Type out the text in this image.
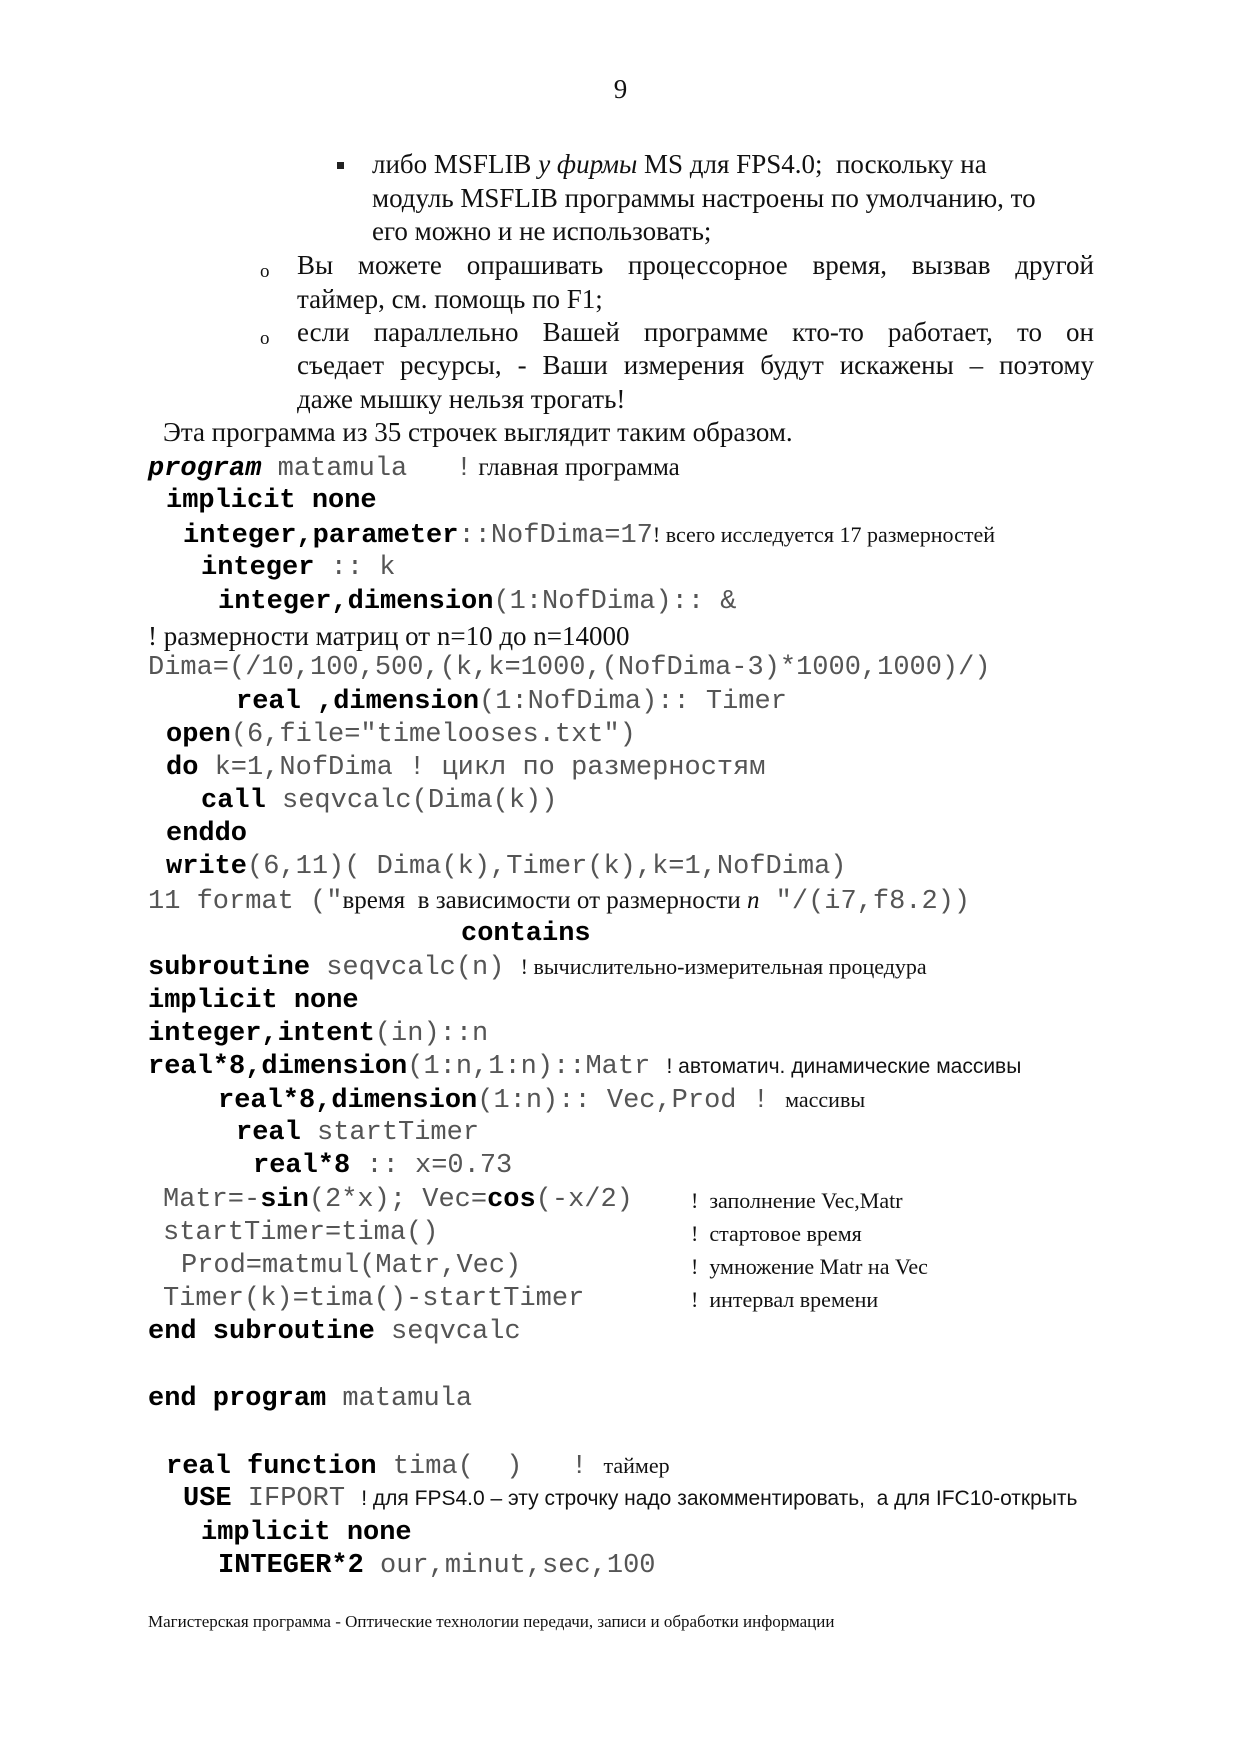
9
либо MSFLIB у фирмы MS для FPS4.0;  поскольку на
модуль MSFLIB программы настроены по умолчанию, то
его можно и не использовать;
o Вы можете опрашивать процессорное время, вызвав другой
таймер, см. помощь по F1;
o если параллельно Вашей программе кто-то работает, то он
съедает ресурсы, - Ваши измерения будут искажены – поэтому
даже мышку нельзя трогать!
Эта программа из 35 строчек выглядит таким образом.
program matamula   ! главная программа
implicit none
integer,parameter::NofDima=17! всего исследуется 17 размерностей
integer :: k
integer,dimension(1:NofDima):: &
! размерности матриц от n=10 до n=14000
Dima=(/10,100,500,(k,k=1000,(NofDima-3)*1000,1000)/)
real ,dimension(1:NofDima):: Timer
open(6,file="timelooses.txt")
do k=1,NofDima ! цикл по размерностям
call seqvcalc(Dima(k))
enddo
write(6,11)( Dima(k),Timer(k),k=1,NofDima)
11 format ("время  в зависимости от размерности n "/(i7,f8.2))
contains
subroutine seqvcalc(n) ! вычислительно-измерительная процедура
implicit none
integer,intent(in)::n
real*8,dimension(1:n,1:n)::Matr ! автоматич. динамические массивы
real*8,dimension(1:n):: Vec,Prod ! массивы
real startTimer
real*8 :: x=0.73
Matr=-sin(2*x); Vec=cos(-x/2)	!  заполнение Vec,Matr
startTimer=tima()	!  стартовое время
Prod=matmul(Matr,Vec)	!  умножение Matr на Vec
Timer(k)=tima()-startTimer	!  интервал времени
end subroutine seqvcalc
end program matamula
real function tima(  )   ! таймер
USE IFPORT ! для FPS4.0 – эту строчку надо закомментировать,  а для IFC10-открыть
implicit none
INTEGER*2 our,minut,sec,100
Магистерская программа - Оптические технологии передачи, записи и обработки информации
